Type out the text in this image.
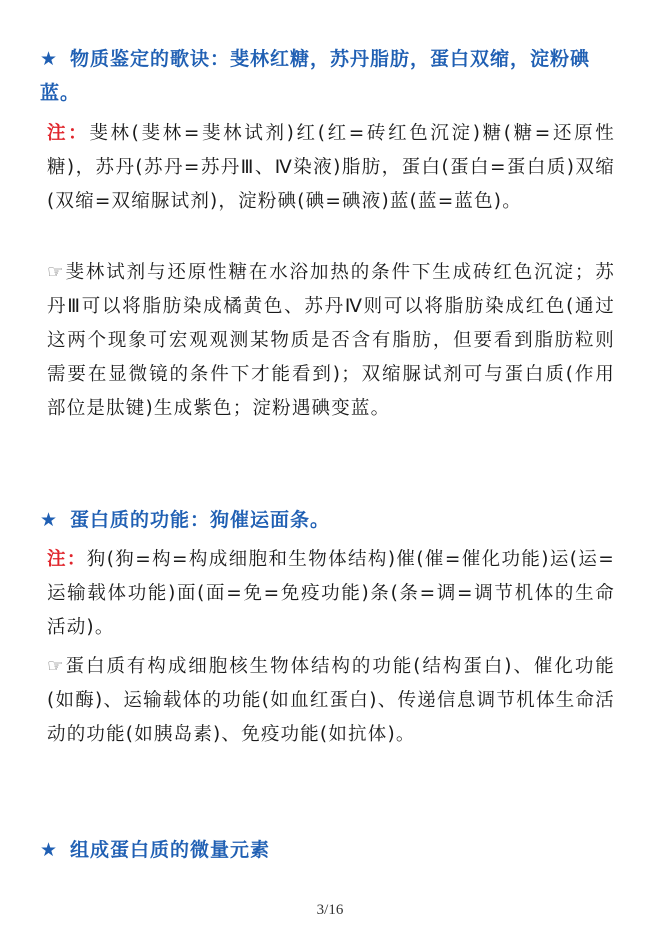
★ 物质鉴定的歌诀：斐林红糖，苏丹脂肪，蛋白双缩，淀粉碘蓝。
注：斐林(斐林=斐林试剂)红(红=砖红色沉淀)糖(糖=还原性糖)，苏丹(苏丹=苏丹Ⅲ、Ⅳ染液)脂肪，蛋白(蛋白=蛋白质)双缩(双缩=双缩脲试剂)，淀粉碘(碘=碘液)蓝(蓝=蓝色)。
☞斐林试剂与还原性糖在水浴加热的条件下生成砖红色沉淀；苏丹Ⅲ可以将脂肪染成橘黄色、苏丹Ⅳ则可以将脂肪染成红色(通过这两个现象可宏观观测某物质是否含有脂肪，但要看到脂肪粒则需要在显微镜的条件下才能看到)；双缩脲试剂可与蛋白质(作用部位是肽键)生成紫色；淀粉遇碘变蓝。
★ 蛋白质的功能：狗催运面条。
注：狗(狗=构=构成细胞和生物体结构)催(催=催化功能)运(运=运输载体功能)面(面=免=免疫功能)条(条=调=调节机体的生命活动)。
☞蛋白质有构成细胞核生物体结构的功能(结构蛋白)、催化功能(如酶)、运输载体的功能(如血红蛋白)、传递信息调节机体生命活动的功能(如胰岛素)、免疫功能(如抗体)。
★ 组成蛋白质的微量元素
3/16
